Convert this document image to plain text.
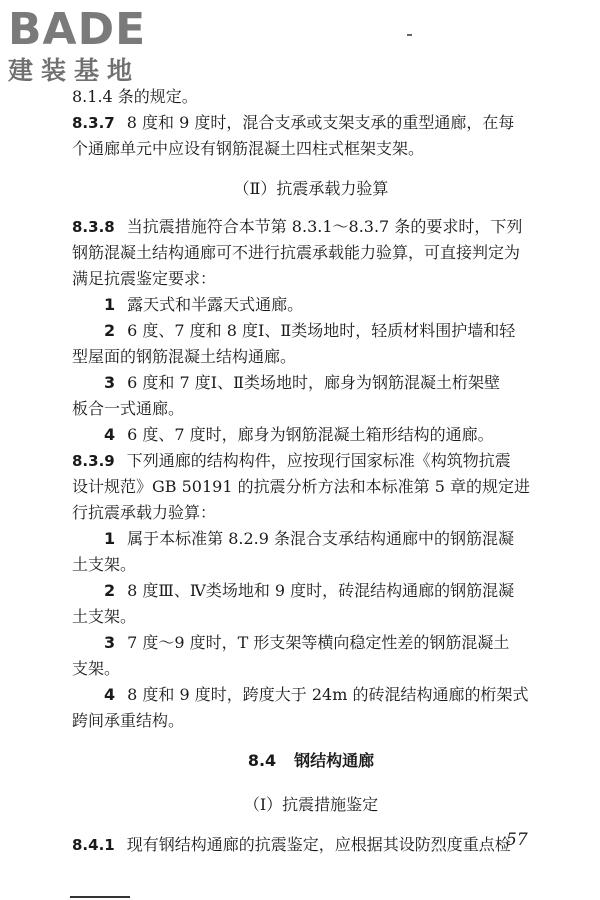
BADE
建装基地
8.1.4 条的规定。
8.3.7 8 度和 9 度时，混合支承或支架支承的重型通廊，在每
个通廊单元中应设有钢筋混凝土四柱式框架支架。
（Ⅱ）抗震承载力验算
8.3.8 当抗震措施符合本节第 8.3.1～8.3.7 条的要求时，下列
钢筋混凝土结构通廊可不进行抗震承载能力验算，可直接判定为
满足抗震鉴定要求：
1 露天式和半露天式通廊。
2 6 度、7 度和 8 度Ⅰ、Ⅱ类场地时，轻质材料围护墙和轻
型屋面的钢筋混凝土结构通廊。
3 6 度和 7 度Ⅰ、Ⅱ类场地时，廊身为钢筋混凝土桁架壁
板合一式通廊。
4 6 度、7 度时，廊身为钢筋混凝土箱形结构的通廊。
8.3.9 下列通廊的结构构件，应按现行国家标准《构筑物抗震
设计规范》GB 50191 的抗震分析方法和本标准第 5 章的规定进
行抗震承载力验算：
1 属于本标准第 8.2.9 条混合支承结构通廊中的钢筋混凝
土支架。
2 8 度Ⅲ、Ⅳ类场地和 9 度时，砖混结构通廊的钢筋混凝
土支架。
3 7 度～9 度时，T 形支架等横向稳定性差的钢筋混凝土
支架。
4 8 度和 9 度时，跨度大于 24m 的砖混结构通廊的桁架式
跨间承重结构。
8.4 钢结构通廊
（Ⅰ）抗震措施鉴定
8.4.1 现有钢结构通廊的抗震鉴定，应根据其设防烈度重点检
57
